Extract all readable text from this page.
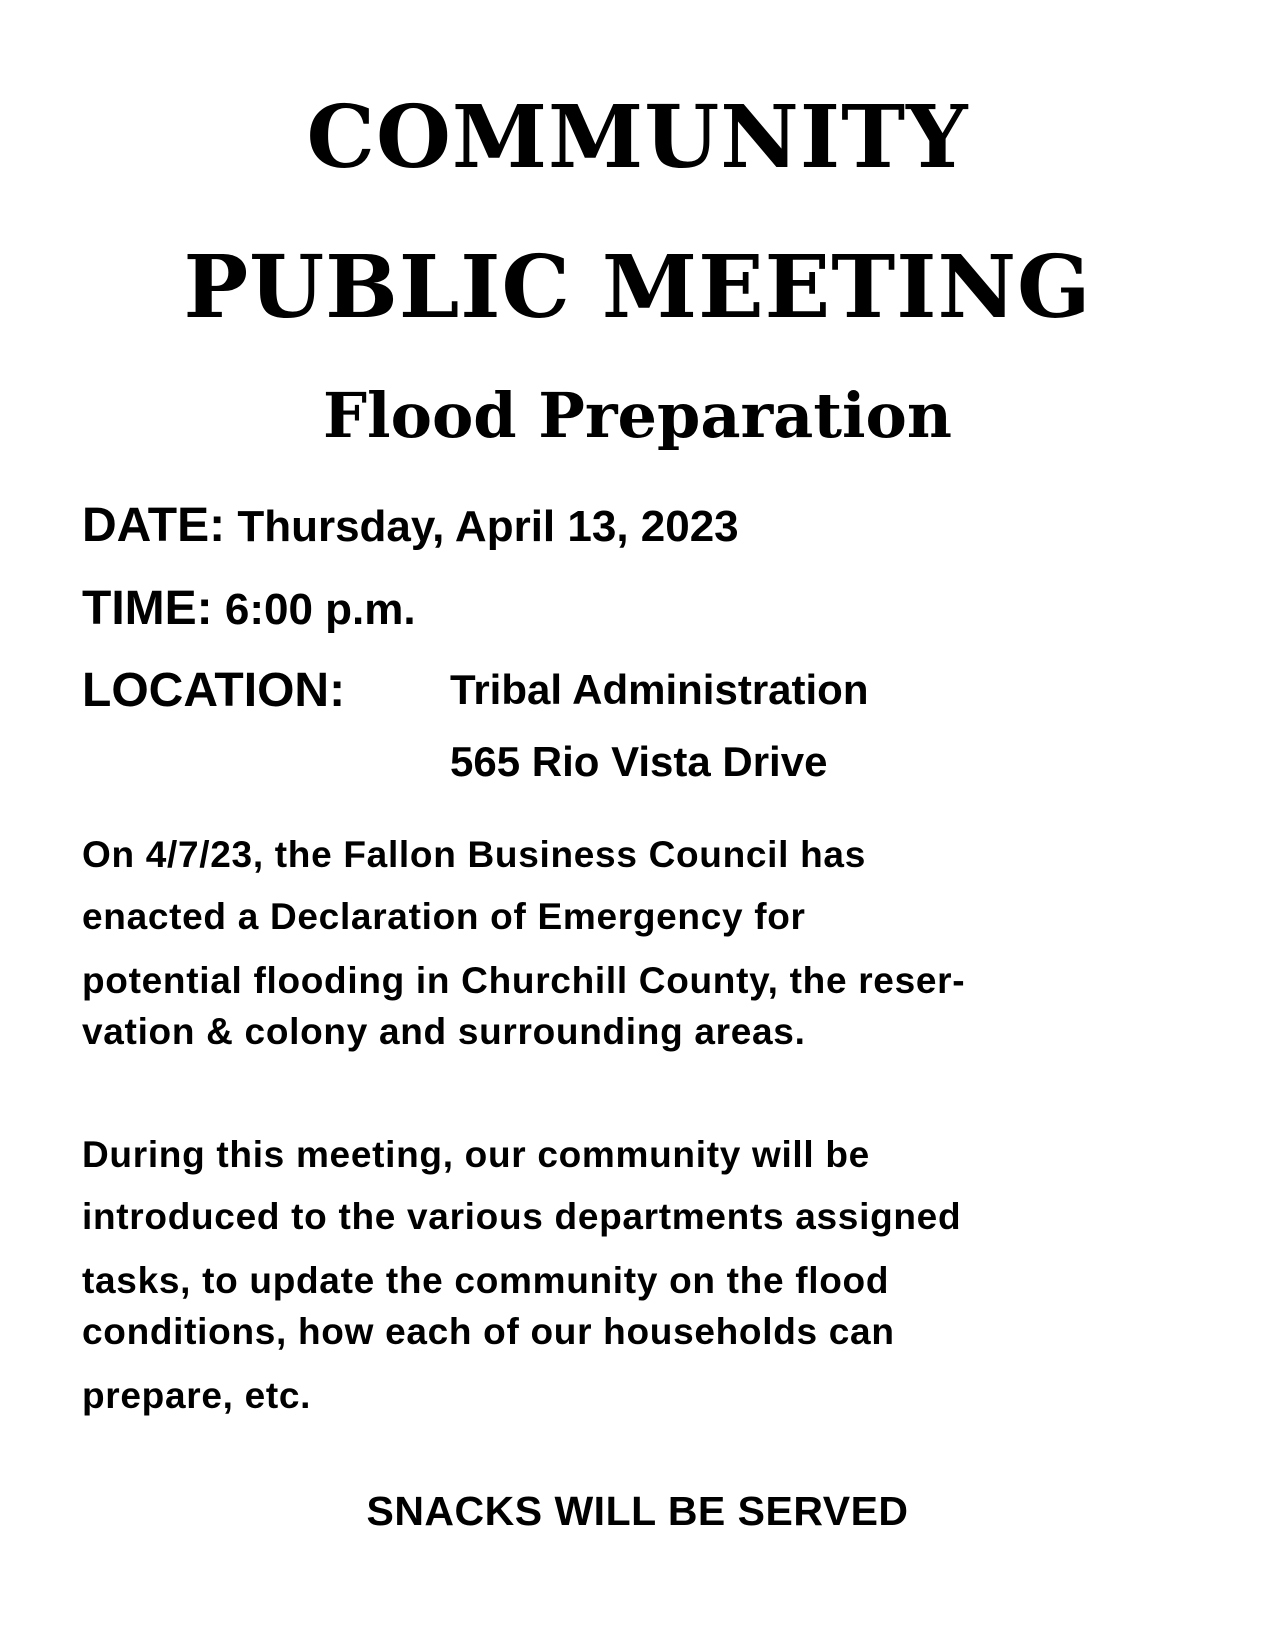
COMMUNITY
PUBLIC MEETING
Flood Preparation
DATE: Thursday, April 13, 2023
TIME: 6:00 p.m.
LOCATION: Tribal Administration
565 Rio Vista Drive
On 4/7/23, the Fallon Business Council has
enacted a Declaration of Emergency for
potential flooding in Churchill County, the reser-
vation & colony and surrounding areas.
During this meeting, our community will be
introduced to the various departments assigned
tasks, to update the community on the flood
conditions, how each of our households can
prepare, etc.
SNACKS WILL BE SERVED
